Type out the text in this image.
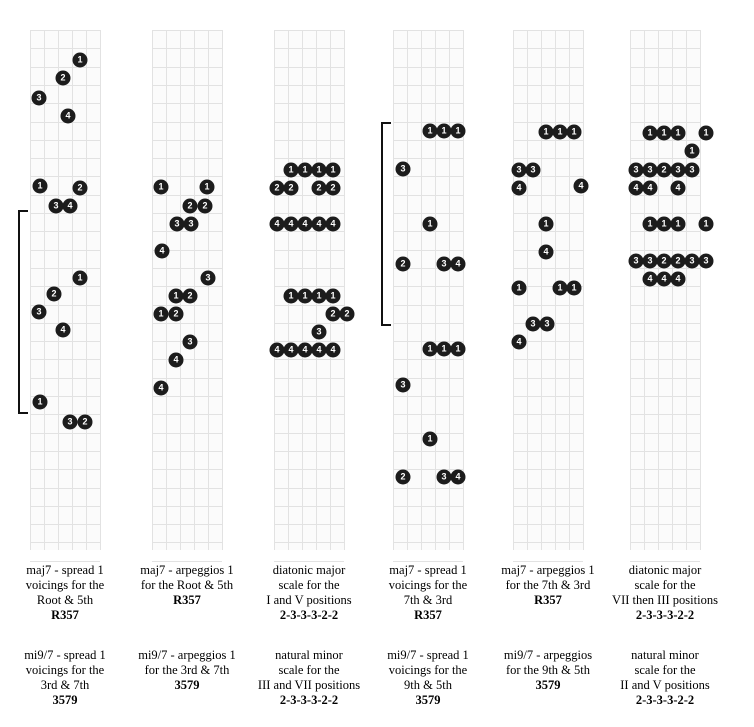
1
2
3
4
1	2
3 4
1
2
3
4
1
3	2
maj7 - spread 1
voicings for the
Root & 5th
R357
mi9/7 - spread 1
voicings for the
3rd & 7th
3579
1	1
2	2
3 3
4
2
1
3
1	2
3
4
4
maj7 - arpeggios 1
for the Root & 5th
R357
mi9/7 - arpeggios 1
for the 3rd & 7th
3579
1 1 1 1
2 2	2 2
4 4 4 4 4
1 1 1 1
2
2
3
4 4 4 4 4
diatonic major
scale for the
I and V positions
2-3-3-3-2-2
natural minor
scale for the
III and VII positions
2-3-3-3-2-2
1 1 1
3
1
2	3 4
1 1 1
3
1
2	3 4
maj7 - spread 1
voicings for the
7th & 3rd
R357
mi9/7 - spread 1
voicings for the
9th & 5th
3579
1 1 1
3 3
4	4
1
4
1	1 1
3 3
4
maj7 - arpeggios 1
for the 7th & 3rd
R357
mi9/7 - arpeggios
for the 9th & 5th
3579
1 1 1	1
1
3 3 2 3 3
4 4	4
1 1 1	1
3 3 2 2 3 3
4 4 4
diatonic major
scale for the
VII then III positions
2-3-3-3-2-2
natural minor
scale for the
II and V positions
2-3-3-3-2-2
